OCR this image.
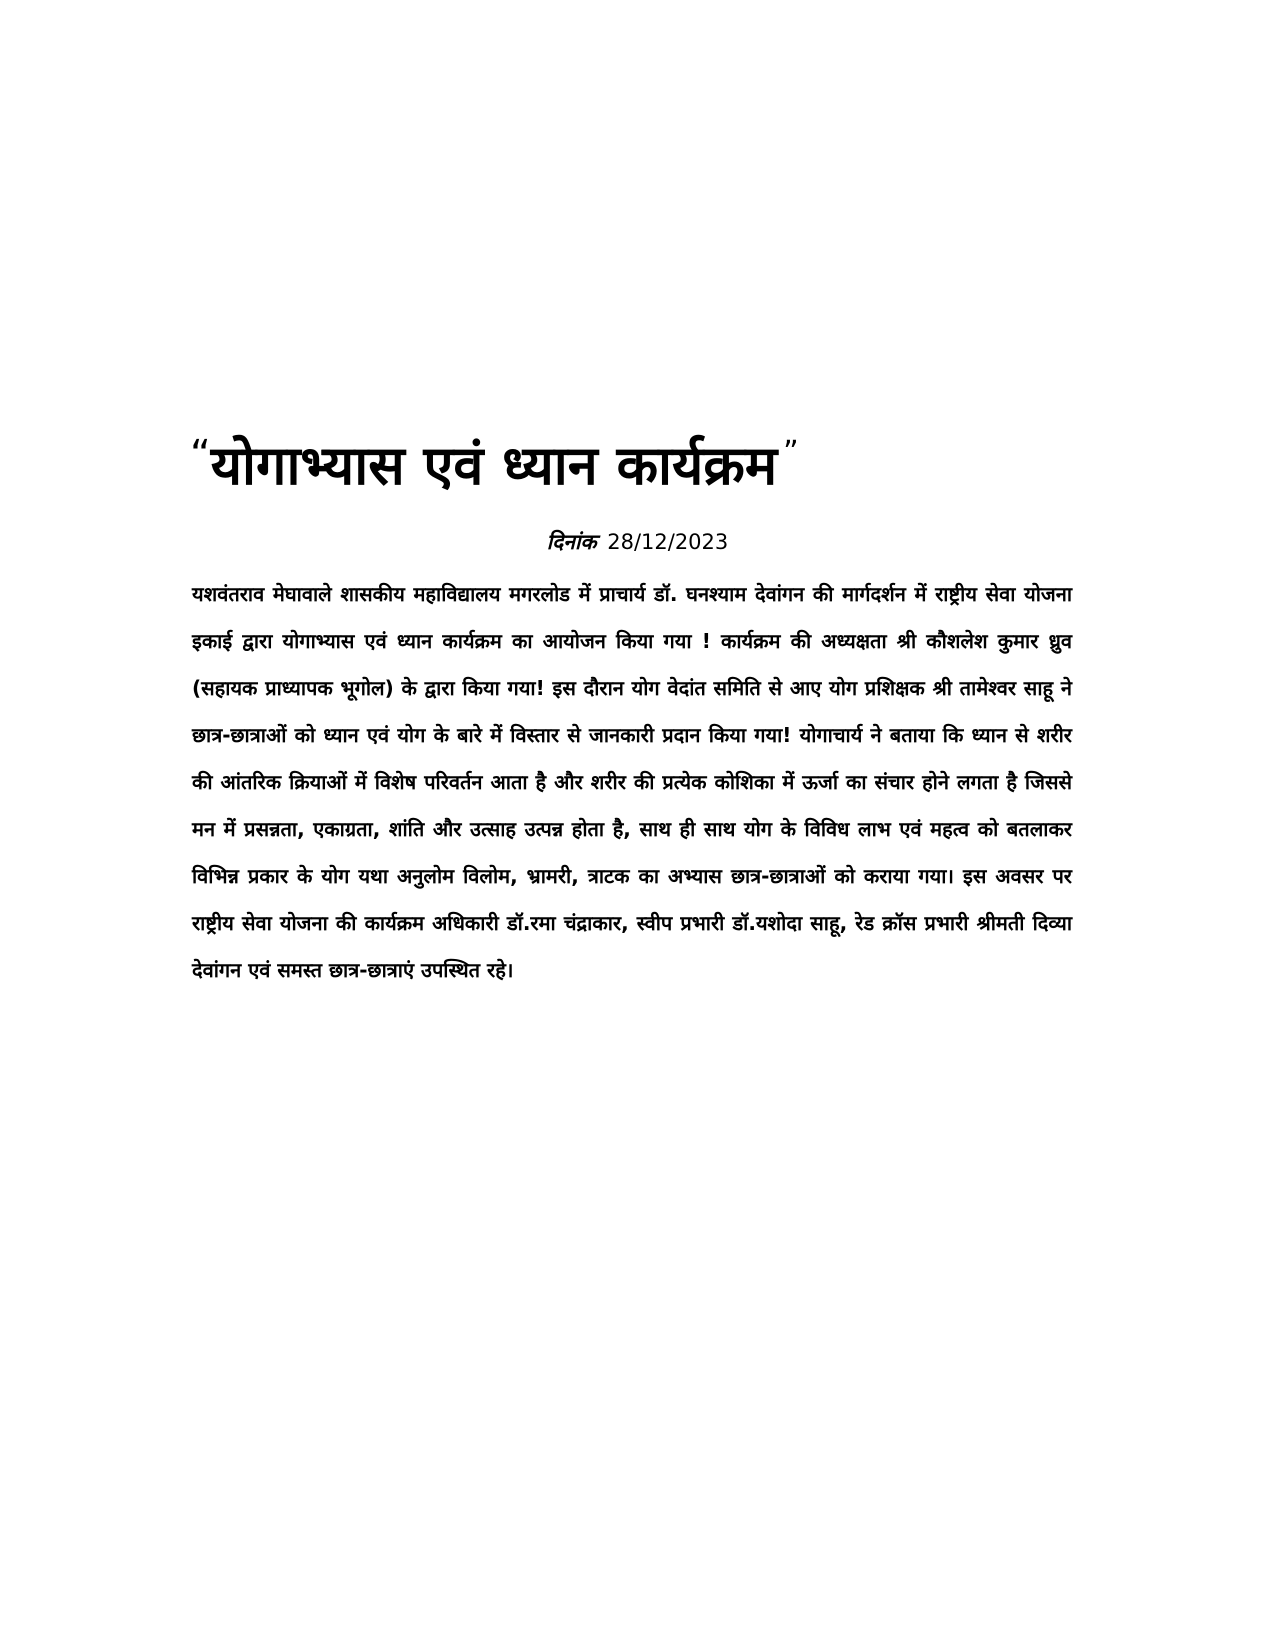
“योगाभ्यास एवं ध्यान कार्यक्रम ”
दिनांक 28/12/2023

यशवंतराव मेघावाले शासकीय महाविद्यालय मगरलोड में प्राचार्य डॉ. घनश्याम देवांगन की मार्गदर्शन में राष्ट्रीय सेवा योजना इकाई द्वारा योगाभ्यास एवं ध्यान कार्यक्रम का आयोजन किया गया ! कार्यक्रम की अध्यक्षता श्री कौशलेश कुमार ध्रुव (सहायक प्राध्यापक भूगोल) के द्वारा किया गया! इस दौरान योग वेदांत समिति से आए योग प्रशिक्षक श्री तामेश्वर साहू ने छात्र-छात्राओं को ध्यान एवं योग के बारे में विस्तार से जानकारी प्रदान किया गया! योगाचार्य ने बताया कि ध्यान से शरीर की आंतरिक क्रियाओं में विशेष परिवर्तन आता है और शरीर की प्रत्येक कोशिका में ऊर्जा का संचार होने लगता है जिससे मन में प्रसन्नता, एकाग्रता, शांति और उत्साह उत्पन्न होता है, साथ ही साथ योग के विविध लाभ एवं महत्व को बतलाकर विभिन्न प्रकार के योग यथा अनुलोम विलोम, भ्रामरी, त्राटक का अभ्यास छात्र-छात्राओं को कराया गया। इस अवसर पर राष्ट्रीय सेवा योजना की कार्यक्रम अधिकारी डॉ.रमा चंद्राकार, स्वीप प्रभारी डॉ.यशोदा साहू, रेड क्रॉस प्रभारी श्रीमती दिव्या देवांगन एवं समस्त छात्र-छात्राएं उपस्थित रहे।
